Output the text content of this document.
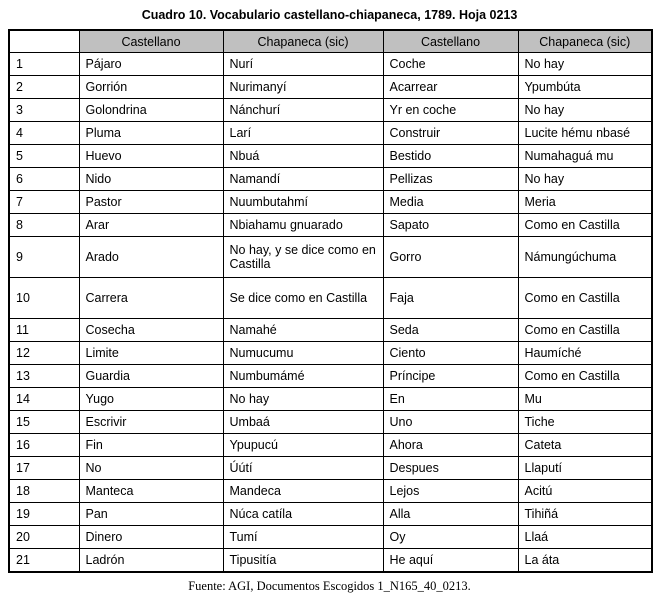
Cuadro 10. Vocabulario castellano-chiapaneca, 1789. Hoja 0213
	Castellano	Chapaneca (sic)	Castellano	Chapaneca (sic)
1	Pájaro	Nurí	Coche	No hay
2	Gorrión	Nurimanyí	Acarrear	Ypumbúta
3	Golondrina	Nánchurí	Yr en coche	No hay
4	Pluma	Larí	Construir	Lucite hému nbasé
5	Huevo	Nbuá	Bestido	Numahaguá mu
6	Nido	Namandí	Pellizas	No hay
7	Pastor	Nuumbutahmí	Media	Meria
8	Arar	Nbiahamu gnuarado	Sapato	Como en Castilla
9	Arado	No hay, y se dice como en Castilla	Gorro	Námungúchuma
10	Carrera	Se dice como en Castilla	Faja	Como en Castilla
11	Cosecha	Namahé	Seda	Como en Castilla
12	Limite	Numucumu	Ciento	Haumíché
13	Guardia	Numbumámé	Príncipe	Como en Castilla
14	Yugo	No hay	En	Mu
15	Escrivir	Umbaá	Uno	Tiche
16	Fin	Ypupucú	Ahora	Cateta
17	No	Úútí	Despues	Llaputí
18	Manteca	Mandeca	Lejos	Acitú
19	Pan	Núca catíla	Alla	Tihiñá
20	Dinero	Tumí	Oy	Llaá
21	Ladrón	Tipusitía	He aquí	La áta
Fuente: AGI, Documentos Escogidos 1_N165_40_0213.
